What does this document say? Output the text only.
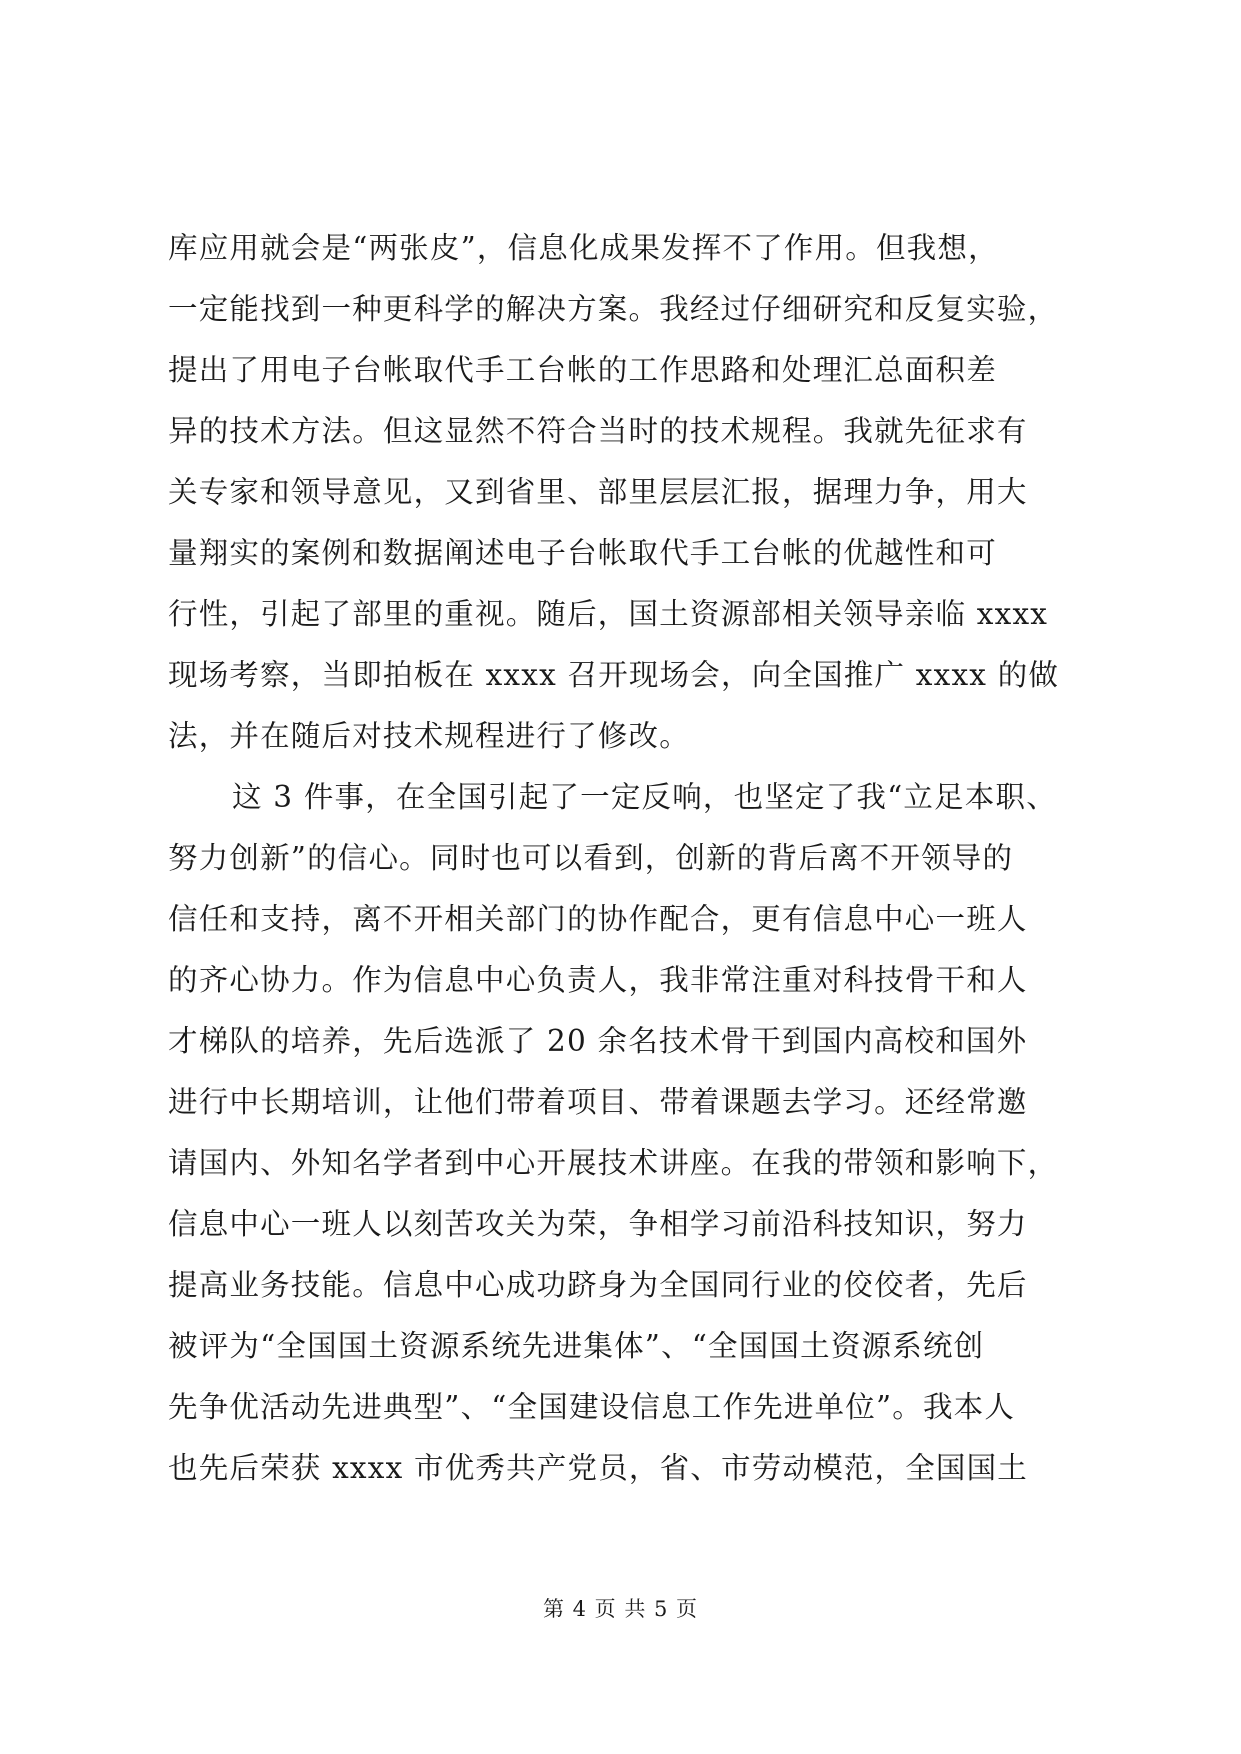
库应用就会是“两张皮”，信息化成果发挥不了作用。但我想，
一定能找到一种更科学的解决方案。我经过仔细研究和反复实验，
提出了用电子台帐取代手工台帐的工作思路和处理汇总面积差
异的技术方法。但这显然不符合当时的技术规程。我就先征求有
关专家和领导意见，又到省里、部里层层汇报，据理力争，用大
量翔实的案例和数据阐述电子台帐取代手工台帐的优越性和可
行性，引起了部里的重视。随后，国土资源部相关领导亲临 xxxx
现场考察，当即拍板在 xxxx 召开现场会，向全国推广 xxxx 的做
法，并在随后对技术规程进行了修改。
这 3 件事，在全国引起了一定反响，也坚定了我“立足本职、
努力创新”的信心。同时也可以看到，创新的背后离不开领导的
信任和支持，离不开相关部门的协作配合，更有信息中心一班人
的齐心协力。作为信息中心负责人，我非常注重对科技骨干和人
才梯队的培养，先后选派了 20 余名技术骨干到国内高校和国外
进行中长期培训，让他们带着项目、带着课题去学习。还经常邀
请国内、外知名学者到中心开展技术讲座。在我的带领和影响下，
信息中心一班人以刻苦攻关为荣，争相学习前沿科技知识，努力
提高业务技能。信息中心成功跻身为全国同行业的佼佼者，先后
被评为“全国国土资源系统先进集体”、“全国国土资源系统创
先争优活动先进典型”、“全国建设信息工作先进单位”。我本人
也先后荣获 xxxx 市优秀共产党员，省、市劳动模范，全国国土
第 4 页 共 5 页
